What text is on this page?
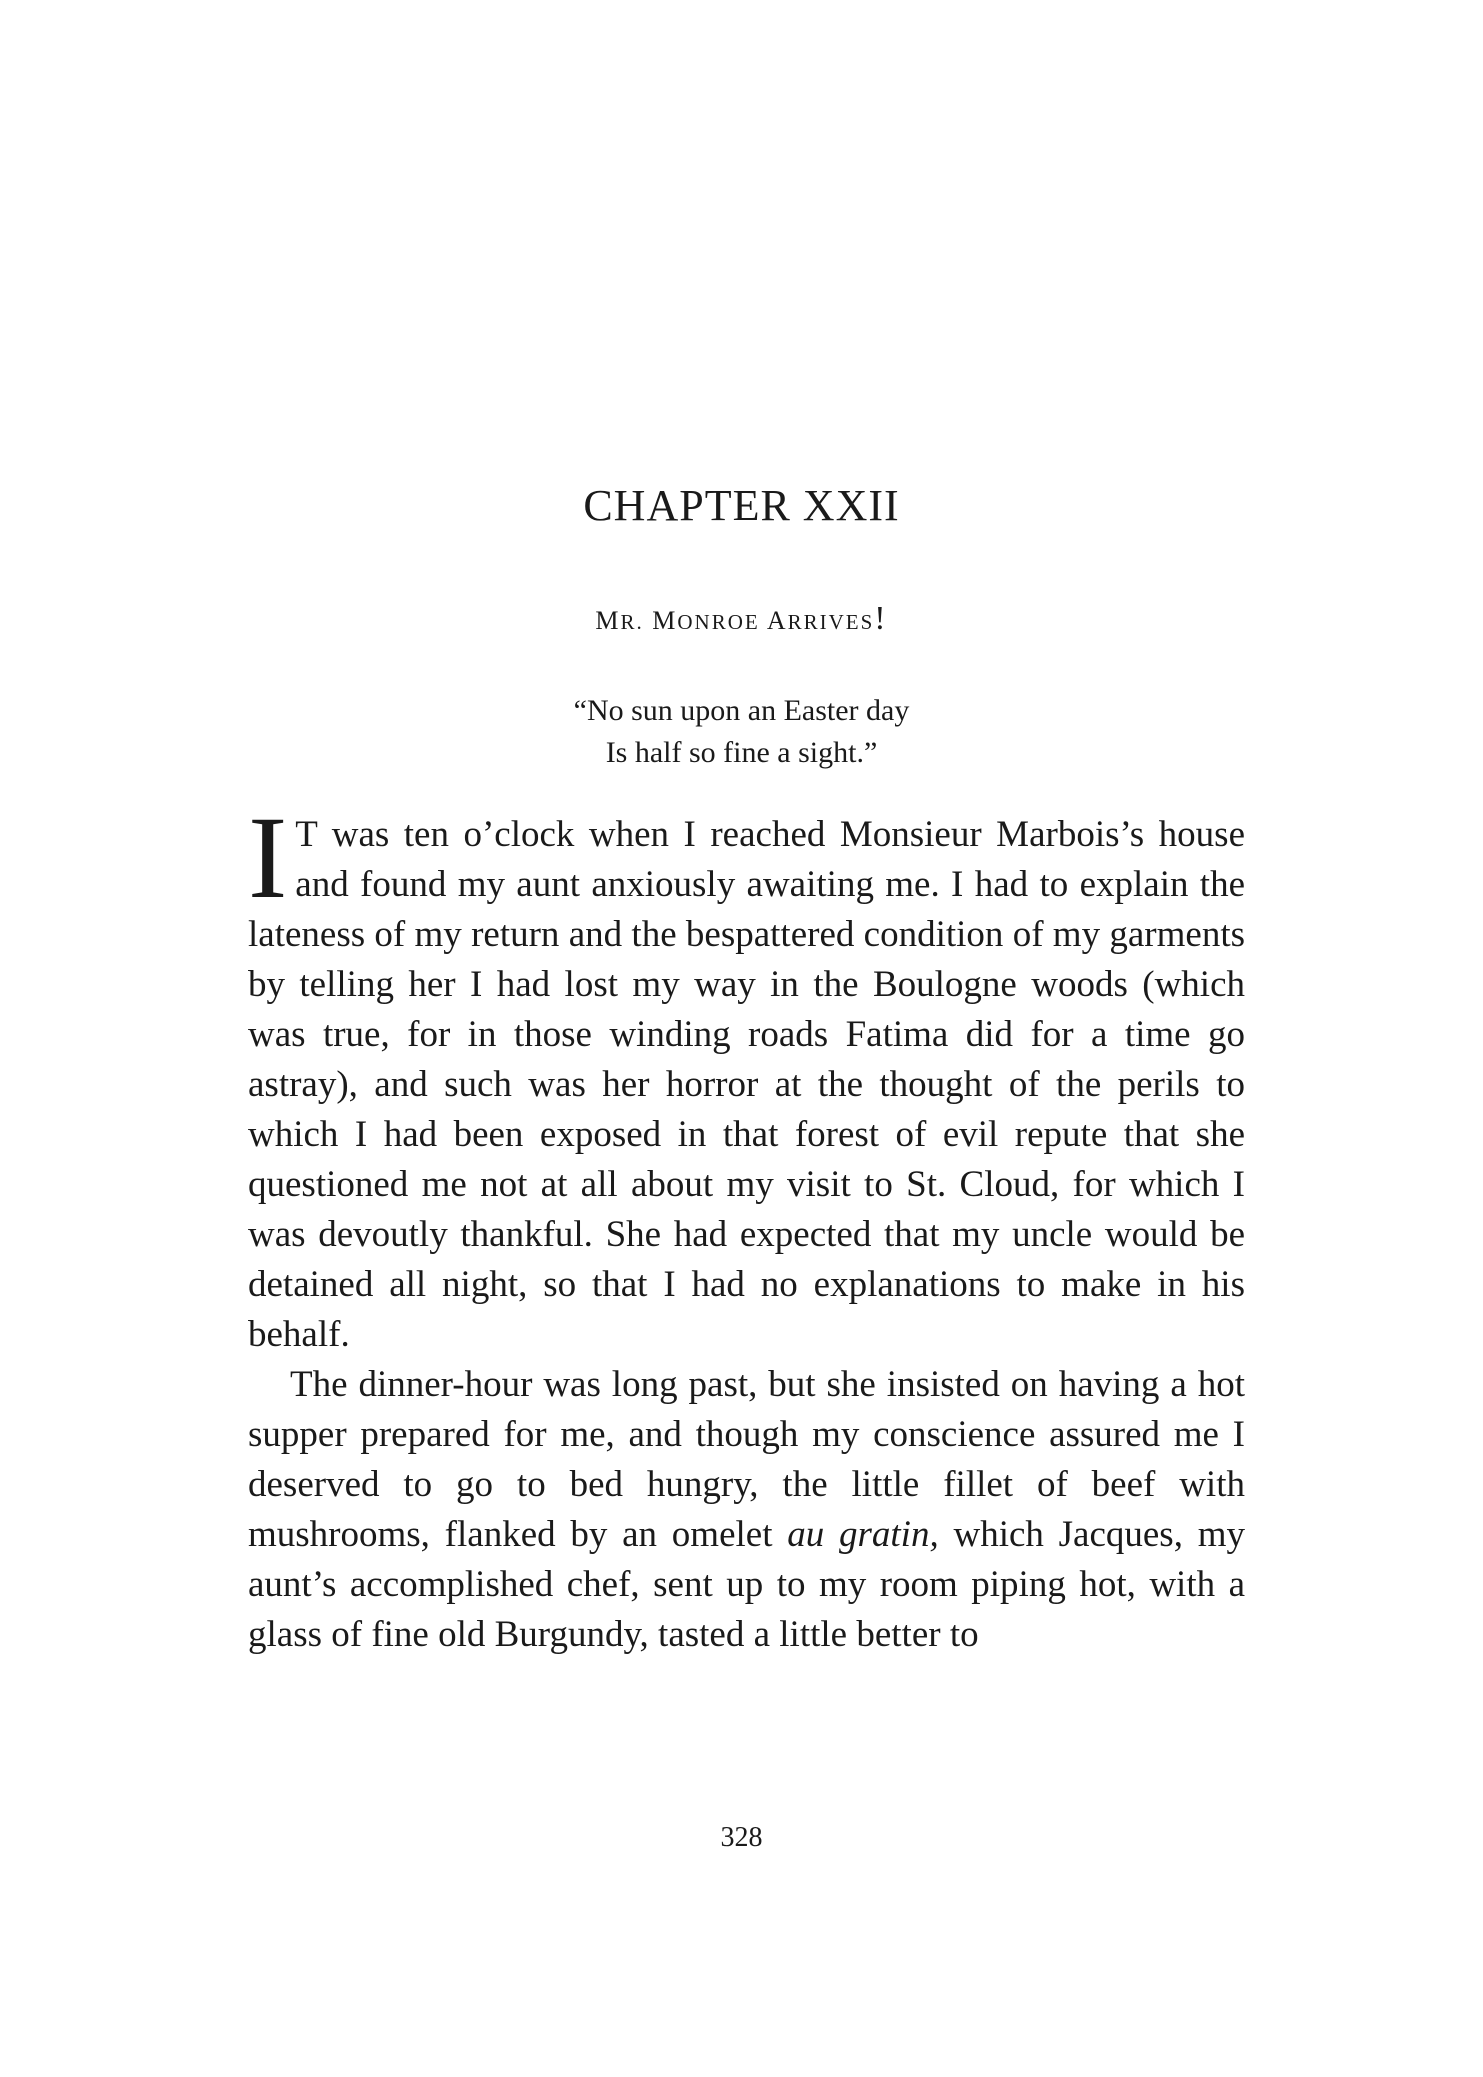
CHAPTER XXII
MR. MONROE ARRIVES!

“No sun upon an Easter day
Is half so fine a sight.”

I T was ten o’clock when I reached Monsieur Marbois’s house and found my aunt anxiously awaiting me. I had to explain the lateness of my return and the bespattered condition of my garments by telling her I had lost my way in the Boulogne woods (which was true, for in those winding roads Fatima did for a time go astray), and such was her horror at the thought of the perils to which I had been exposed in that forest of evil repute that she questioned me not at all about my visit to St. Cloud, for which I was devoutly thankful. She had expected that my uncle would be detained all night, so that I had no explanations to make in his behalf.

The dinner-hour was long past, but she insisted on having a hot supper prepared for me, and though my conscience assured me I deserved to go to bed hungry, the little fillet of beef with mushrooms, flanked by an omelet au gratin, which Jacques, my aunt’s accomplished chef, sent up to my room piping hot, with a glass of fine old Burgundy, tasted a little better to

328
